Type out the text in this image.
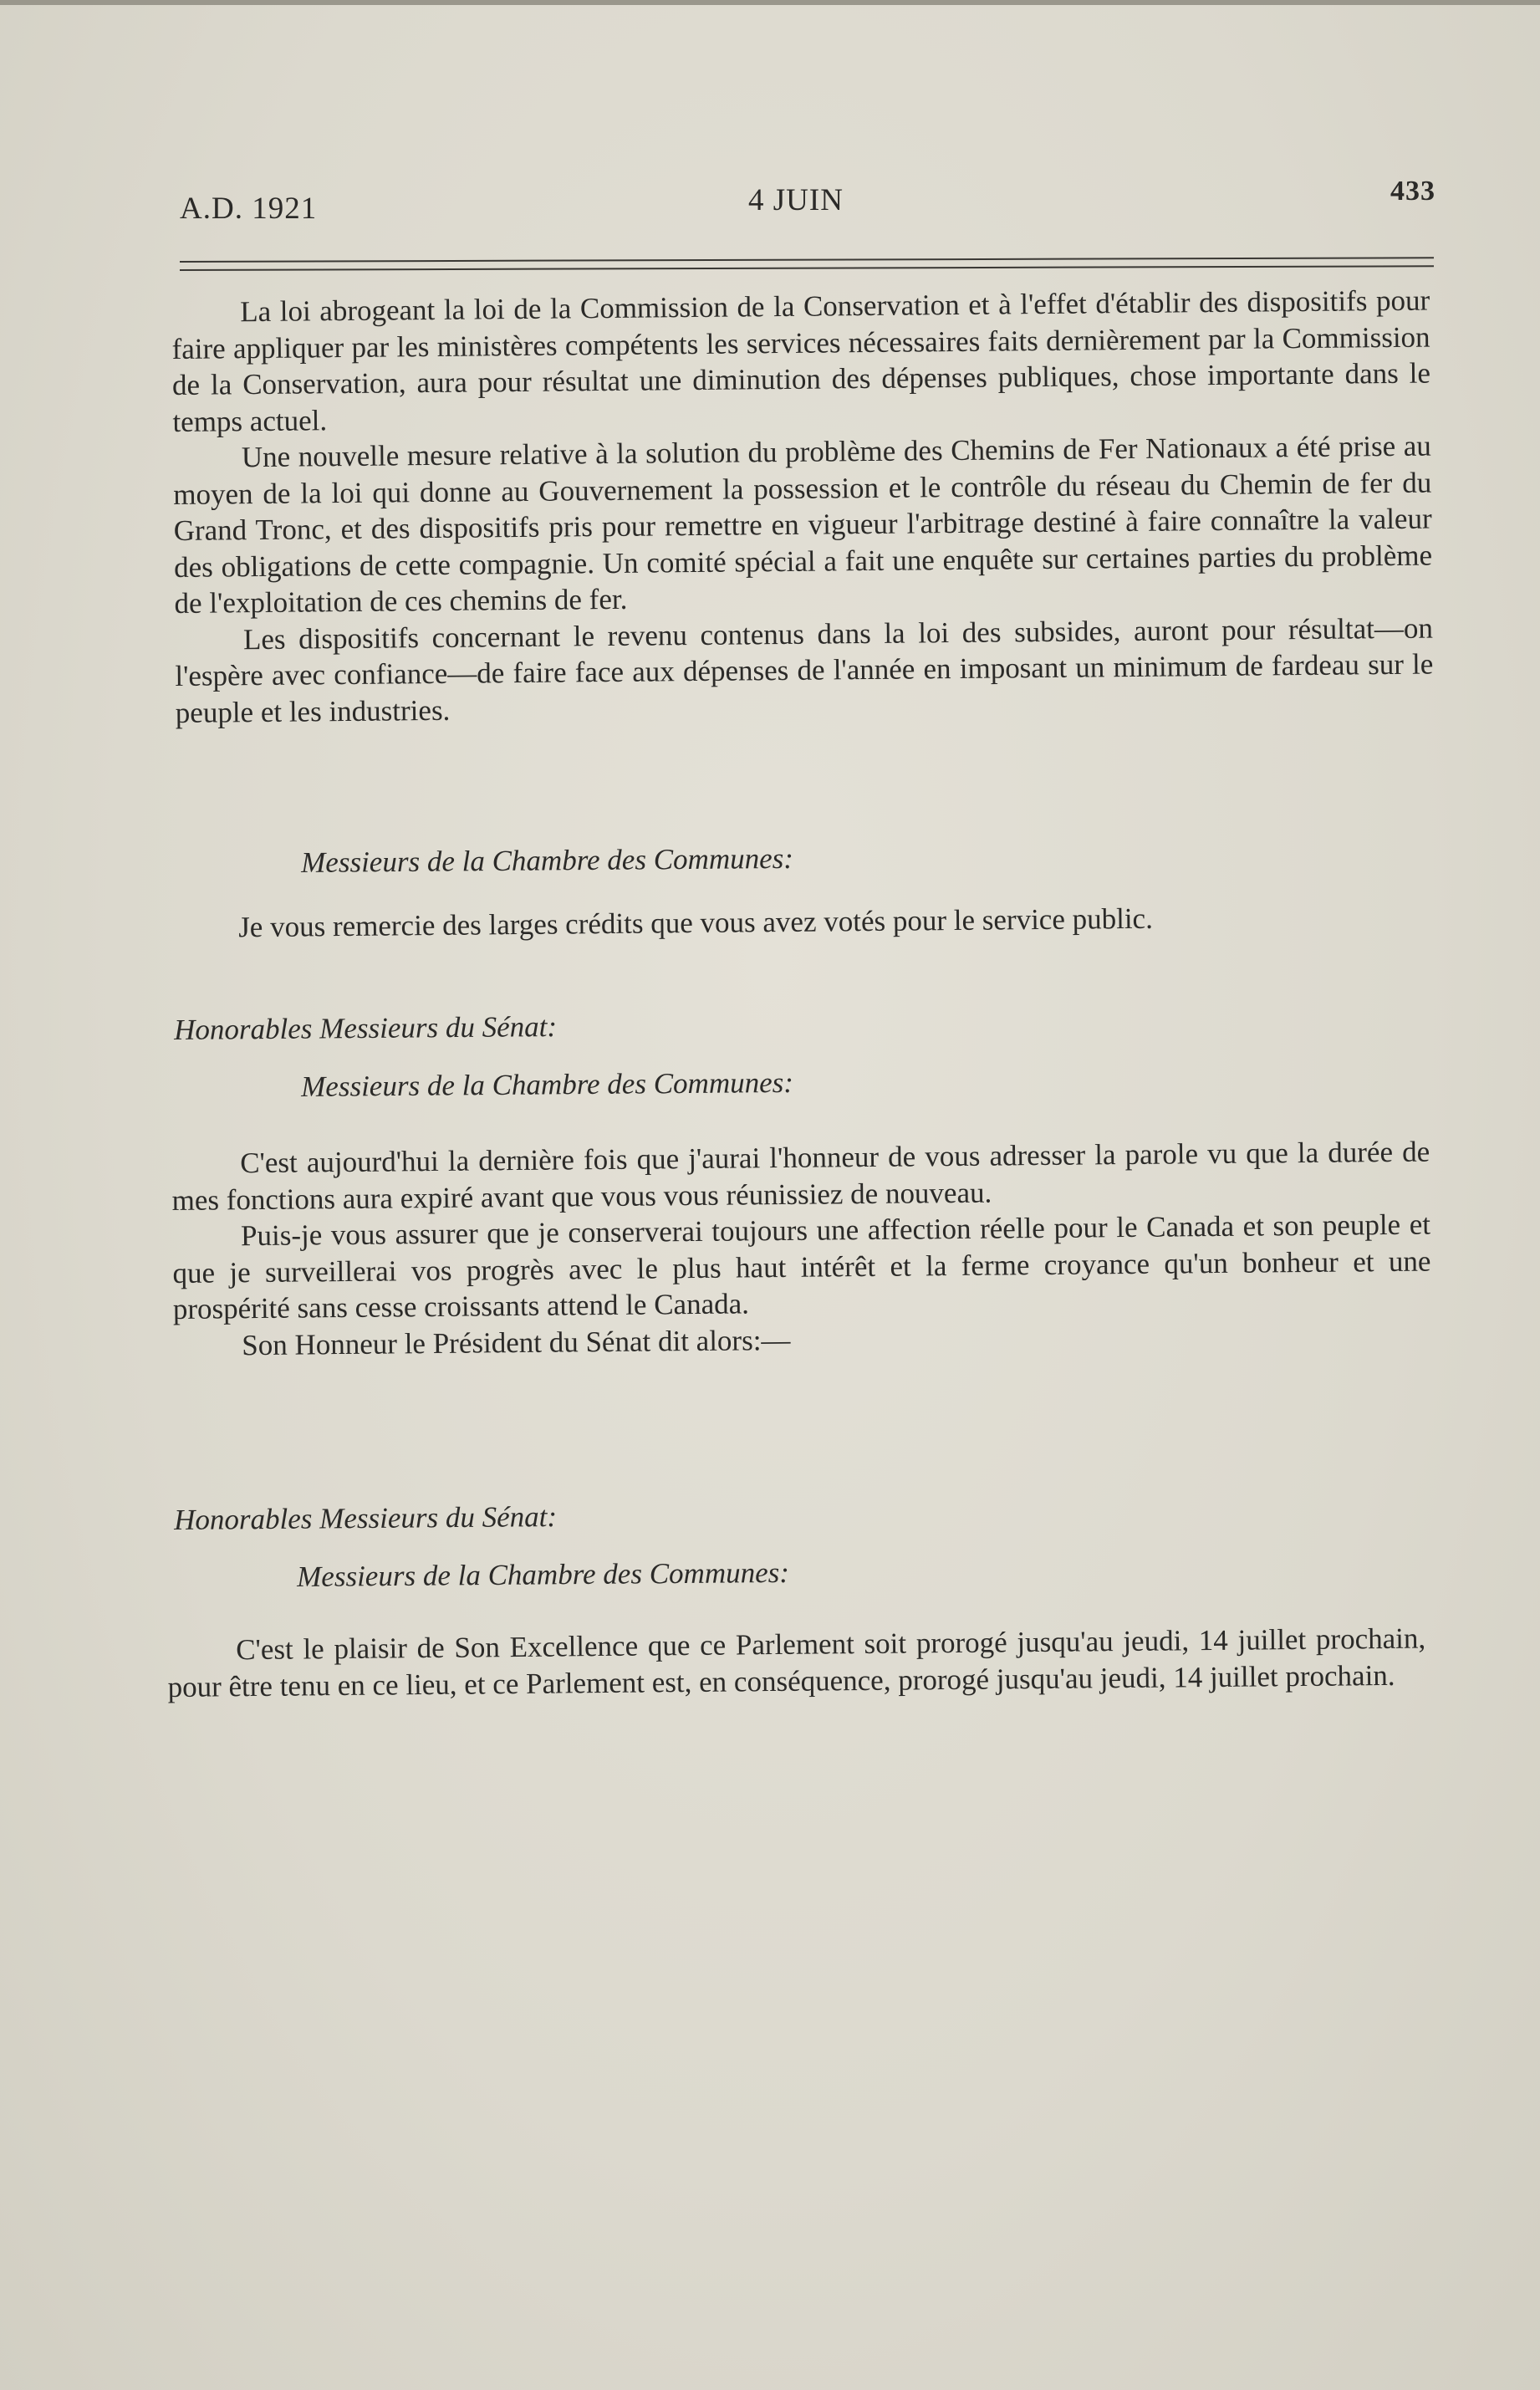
A.D. 1921	4 JUIN	433

La loi abrogeant la loi de la Commission de la Conservation et à l'effet d'établir des dispositifs pour faire appliquer par les ministères compétents les services nécessaires faits dernièrement par la Commission de la Conservation, aura pour résultat une diminution des dépenses publiques, chose importante dans le temps actuel.

Une nouvelle mesure relative à la solution du problème des Chemins de Fer Nationaux a été prise au moyen de la loi qui donne au Gouvernement la possession et le contrôle du réseau du Chemin de fer du Grand Tronc, et des dispositifs pris pour remettre en vigueur l'arbitrage destiné à faire connaître la valeur des obligations de cette compagnie. Un comité spécial a fait une enquête sur certaines parties du problème de l'exploitation de ces chemins de fer.

Les dispositifs concernant le revenu contenus dans la loi des subsides, auront pour résultat—on l'espère avec confiance—de faire face aux dépenses de l'année en imposant un minimum de fardeau sur le peuple et les industries.

Messieurs de la Chambre des Communes:

Je vous remercie des larges crédits que vous avez votés pour le service public.

Honorables Messieurs du Sénat:
Messieurs de la Chambre des Communes:

C'est aujourd'hui la dernière fois que j'aurai l'honneur de vous adresser la parole vu que la durée de mes fonctions aura expiré avant que vous vous réunissiez de nouveau.

Puis-je vous assurer que je conserverai toujours une affection réelle pour le Canada et son peuple et que je surveillerai vos progrès avec le plus haut intérêt et la ferme croyance qu'un bonheur et une prospérité sans cesse croissants attend le Canada.

Son Honneur le Président du Sénat dit alors:—

Honorables Messieurs du Sénat:
Messieurs de la Chambre des Communes:

C'est le plaisir de Son Excellence que ce Parlement soit prorogé jusqu'au jeudi, 14 juillet prochain, pour être tenu en ce lieu, et ce Parlement est, en conséquence, prorogé jusqu'au jeudi, 14 juillet prochain.
